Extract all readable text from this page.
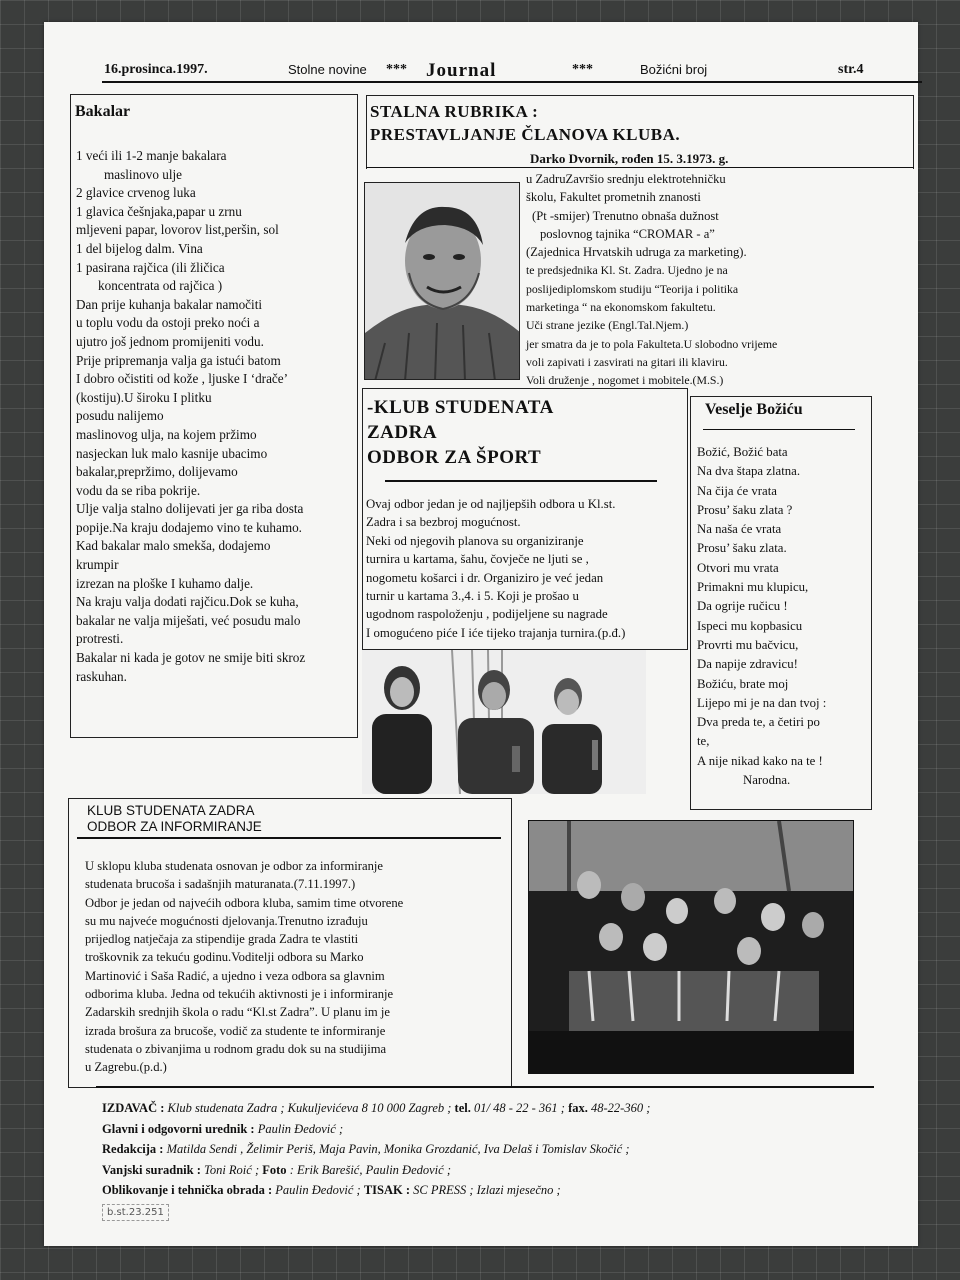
16.prosinca.1997.	Stolne novine *** Journal	***	Božićni broj	str.4
Bakalar
1 veći ili 1-2 manje bakalara
maslinovo ulje
2 glavice crvenog luka
1 glavica češnjaka,papar u zrnu
mljeveni papar, lovorov list,peršin, sol
1 del bijelog dalm. Vina
1 pasirana rajčica (ili žličica
koncentrata od rajčica )
Dan prije kuhanja bakalar namočiti
u toplu vodu da ostoji preko noći a
ujutro još jednom promijeniti vodu.
Prije pripremanja valja ga istući batom
I dobro očistiti od kože , ljuske I ‘drače’
(kostiju).U široku I plitku
posudu nalijemo
maslinovog ulja, na kojem pržimo
nasjeckan luk malo kasnije ubacimo
bakalar,prepržimo, dolijevamo
vodu da se riba pokrije.
Ulje valja stalno dolijevati jer ga riba dosta
popije.Na kraju dodajemo vino te kuhamo.
Kad bakalar malo smekša, dodajemo
krumpir
izrezan na ploške I kuhamo dalje.
Na kraju valja dodati rajčicu.Dok se kuha,
bakalar ne valja miješati, već posudu malo
protresti.
Bakalar ni kada je gotov ne smije biti skroz
raskuhan.
STALNA RUBRIKA :
PRESTAVLJANJE ČLANOVA KLUBA.
Darko Dvornik, rođen 15. 3.1973. g.
u ZadruZavršio srednju elektrotehničku
školu, Fakultet prometnih znanosti
(Pt -smijer) Trenutno obnaša dužnost
poslovnog tajnika “CROMAR - a”
(Zajednica Hrvatskih udruga za marketing).
te predsjednika Kl. St. Zadra. Ujedno je na
poslijediplomskom studiju “Teorija i politika
marketinga “ na ekonomskom fakultetu.
Uči strane jezike (Engl.Tal.Njem.)
jer smatra da je to pola Fakulteta.U slobodno vrijeme
voli zapivati i zasvirati na gitari ili klaviru.
Voli druženje , nogomet i mobitele.(M.S.)
-KLUB STUDENATA
ZADRA
ODBOR ZA ŠPORT
Ovaj odbor jedan je od najljepših odbora u Kl.st.
Zadra i sa bezbroj mogućnost.
Neki od njegovih planova su organiziranje
turnira u kartama, šahu, čovječe ne ljuti se ,
nogometu košarci i dr. Organiziro je već jedan
turnir u kartama 3.,4. i 5. Koji je prošao u
ugodnom raspoloženju , podijeljene su nagrade
I omogućeno piće I iće tijeko trajanja turnira.(p.đ.)
Veselje Božiću
Božić, Božić bata
Na dva štapa zlatna.
Na čija će vrata
Prosu’ šaku zlata ?
Na naša će vrata
Prosu’ šaku zlata.
Otvori mu vrata
Primakni mu klupicu,
Da ogrije ručicu !
Ispeci mu kopbasicu
Provrti mu bačvicu,
Da napije zdravicu!
Božiću, brate moj
Lijepo mi je na dan tvoj :
Dva preda te, a četiri po
te,
A nije nikad kako na te !
Narodna.
KLUB STUDENATA ZADRA
ODBOR ZA INFORMIRANJE
U sklopu kluba studenata osnovan je odbor za informiranje
studenata brucoša i sadašnjih maturanata.(7.11.1997.)
Odbor je jedan od najvećih odbora kluba, samim time otvorene
su mu najveće mogućnosti djelovanja.Trenutno izrađuju
prijedlog natječaja za stipendije grada Zadra te vlastiti
troškovnik za tekuću godinu.Voditelji odbora su Marko
Martinović i Saša Radić, a ujedno i veza odbora sa glavnim
odborima kluba. Jedna od tekućih aktivnosti je i informiranje
Zadarskih srednjih škola o radu “Kl.st Zadra”. U planu im je
izrada brošura za brucoše, vodič za studente te informiranje
studenata o zbivanjima u rodnom gradu dok su na studijima
u Zagrebu.(p.d.)
IZDAVAČ : Klub studenata Zadra ; Kukuljevićeva 8 10 000 Zagreb ; tel. 01/ 48 - 22 - 361 ; fax. 48-22-360 ;
Glavni i odgovorni urednik : Paulin Đedović ;
Redakcija : Matilda Sendi , Želimir Periš, Maja Pavin, Monika Grozdanić, Iva Delaš i Tomislav Skočić ;
Vanjski suradnik : Toni Roić ; Foto : Erik Barešić, Paulin Đedović ;
Oblikovanje i tehnička obrada : Paulin Đedović ; TISAK : SC PRESS ; Izlazi mjesečno ;
b.st.23.251
